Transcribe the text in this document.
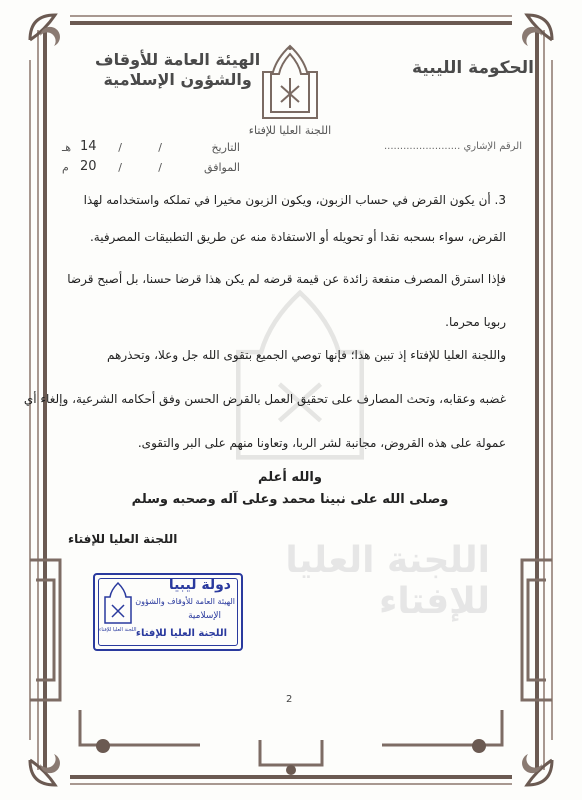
الحكومة الليبية
الهيئة العامة للأوقاف
والشؤون الإسلامية
اللجنة العليا للإفتاء
الرقم الإشاري ........................
التاريخ
/
/
14
هـ
الموافق
/
/
20
م
3. أن يكون القرض في حساب الزبون، ويكون الزبون مخيرا في تملكه واستخدامه لهذا
القرض، سواء بسحبه نقدا أو تحويله أو الاستفادة منه عن طريق التطبيقات المصرفية.
فإذا استرق المصرف منفعة زائدة عن قيمة قرضه لم يكن هذا قرضا حسنا، بل أصبح قرضا
ربويا محرما.
واللجنة العليا للإفتاء إذ تبين هذا؛ فإنها توصي الجميع بتقوى الله جل وعلا، وتحذرهم
غضبه وعقابه، وتحث المصارف على تحقيق العمل بالقرض الحسن وفق أحكامه الشرعية، وإلغاء أي
عمولة على هذه القروض، مجانبة لشر الربا، وتعاونا منهم على البر والتقوى.
والله أعلم
وصلى الله على نبينا محمد وعلى آله وصحبه وسلم
اللجنة العليا للإفتاء
اللجنة العليا للإفتاء
اللجنة العليا للإفتاء
دولة ليبيا
الهيئة العامة للأوقاف والشؤون
الإسلامية
اللجنة العليا للإفتاء
2
